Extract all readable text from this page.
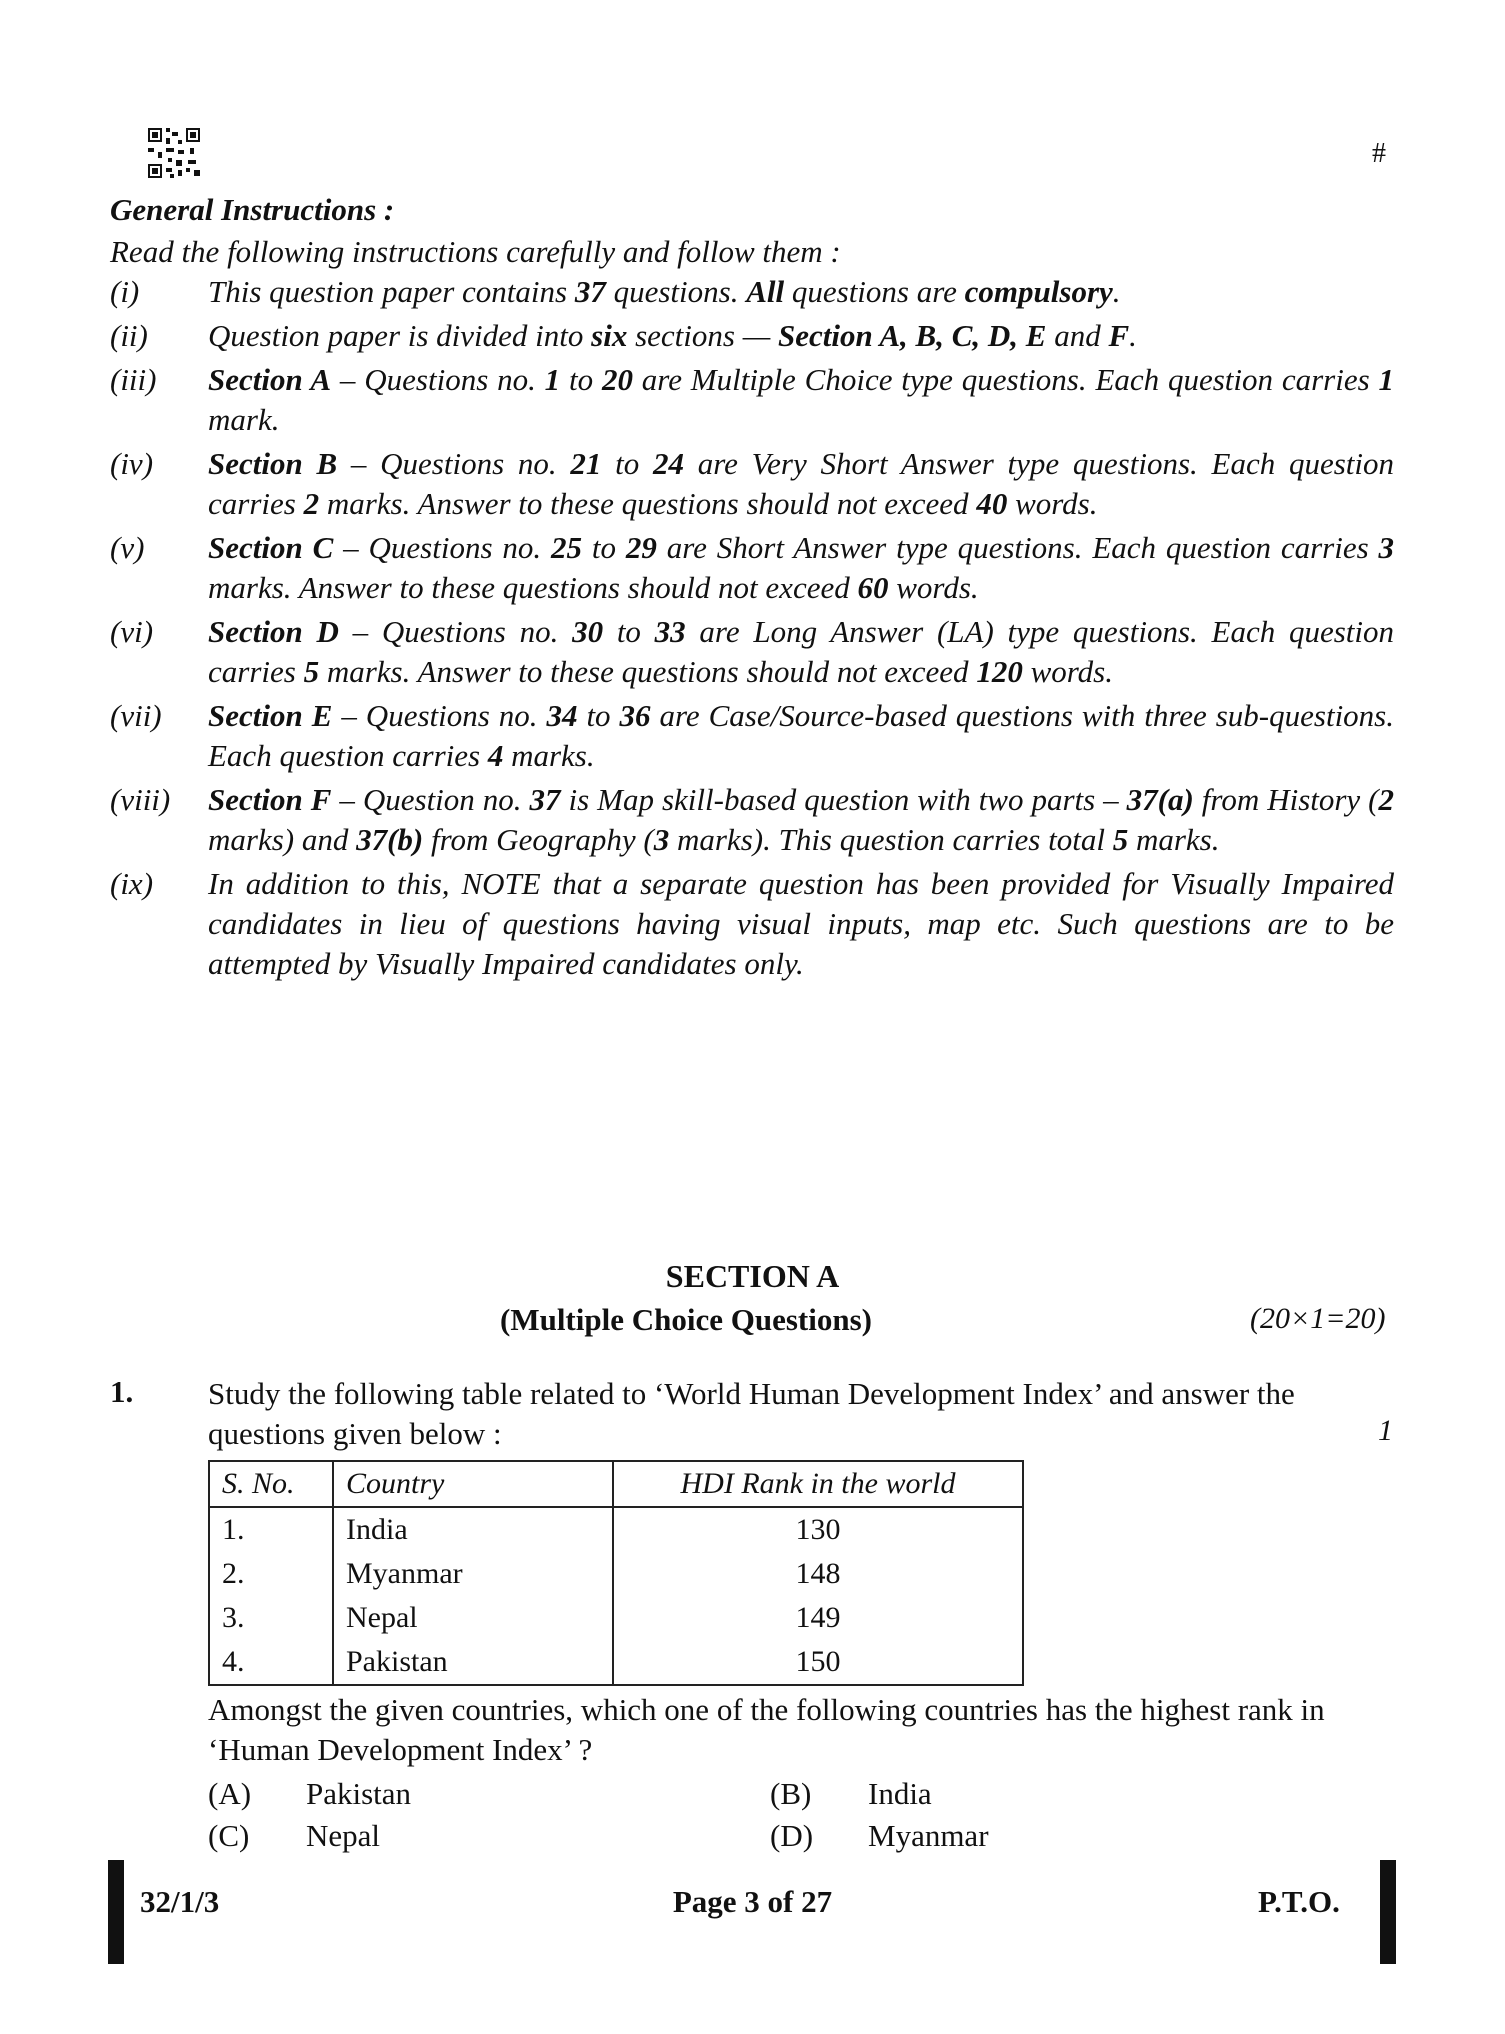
#
General Instructions :
Read the following instructions carefully and follow them :
(i) This question paper contains 37 questions. All questions are compulsory.
(ii) Question paper is divided into six sections — Section A, B, C, D, E and F.
(iii) Section A – Questions no. 1 to 20 are Multiple Choice type questions. Each question carries 1 mark.
(iv) Section B – Questions no. 21 to 24 are Very Short Answer type questions. Each question carries 2 marks. Answer to these questions should not exceed 40 words.
(v) Section C – Questions no. 25 to 29 are Short Answer type questions. Each question carries 3 marks. Answer to these questions should not exceed 60 words.
(vi) Section D – Questions no. 30 to 33 are Long Answer (LA) type questions. Each question carries 5 marks. Answer to these questions should not exceed 120 words.
(vii) Section E – Questions no. 34 to 36 are Case/Source-based questions with three sub-questions. Each question carries 4 marks.
(viii) Section F – Question no. 37 is Map skill-based question with two parts – 37(a) from History (2 marks) and 37(b) from Geography (3 marks). This question carries total 5 marks.
(ix) In addition to this, NOTE that a separate question has been provided for Visually Impaired candidates in lieu of questions having visual inputs, map etc. Such questions are to be attempted by Visually Impaired candidates only.
SECTION A
(Multiple Choice Questions)	(20×1=20)
1. Study the following table related to ‘World Human Development Index’ and answer the questions given below :	1
S. No.	Country	HDI Rank in the world
1.	India	130
2.	Myanmar	148
3.	Nepal	149
4.	Pakistan	150
Amongst the given countries, which one of the following countries has the highest rank in ‘Human Development Index’ ?
(A) Pakistan	(B) India
(C) Nepal	(D) Myanmar
32/1/3	Page 3 of 27	P.T.O.
